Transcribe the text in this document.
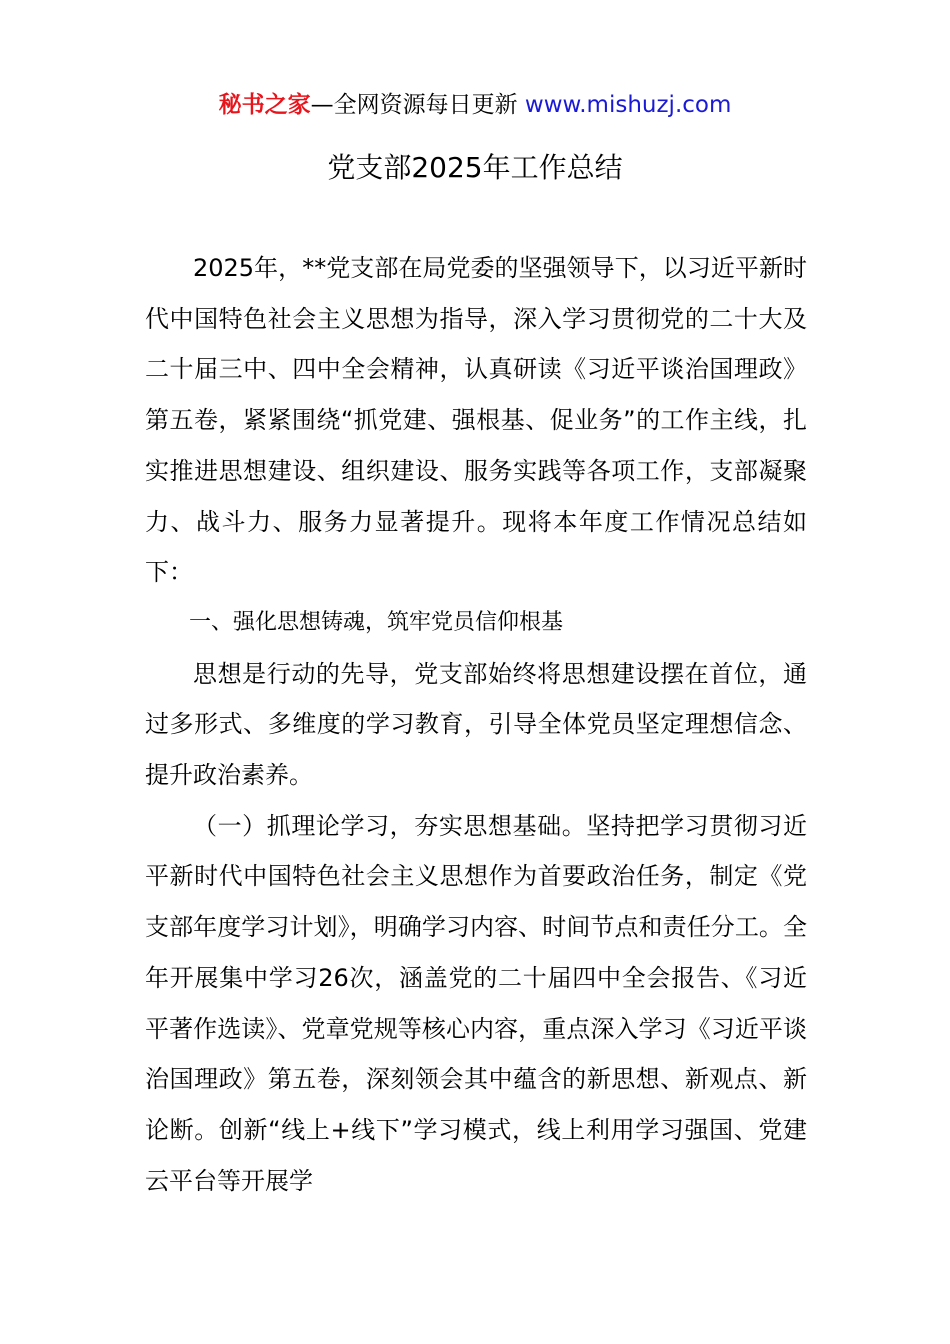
秘书之家—全网资源每日更新 www.mishuzj.com
党支部2025年工作总结

2025年，**党支部在局党委的坚强领导下，以习近平新时代中国特色社会主义思想为指导，深入学习贯彻党的二十大及二十届三中、四中全会精神，认真研读《习近平谈治国理政》第五卷，紧紧围绕“抓党建、强根基、促业务”的工作主线，扎实推进思想建设、组织建设、服务实践等各项工作，支部凝聚力、战斗力、服务力显著提升。现将本年度工作情况总结如下：

一、强化思想铸魂，筑牢党员信仰根基

思想是行动的先导，党支部始终将思想建设摆在首位，通过多形式、多维度的学习教育，引导全体党员坚定理想信念、提升政治素养。

（一）抓理论学习，夯实思想基础。坚持把学习贯彻习近平新时代中国特色社会主义思想作为首要政治任务，制定《党支部年度学习计划》，明确学习内容、时间节点和责任分工。全年开展集中学习26次，涵盖党的二十届四中全会报告、《习近平著作选读》、党章党规等核心内容，重点深入学习《习近平谈治国理政》第五卷，深刻领会其中蕴含的新思想、新观点、新论断。创新“线上+线下”学习模式，线上利用学习强国、党建云平台等开展学
